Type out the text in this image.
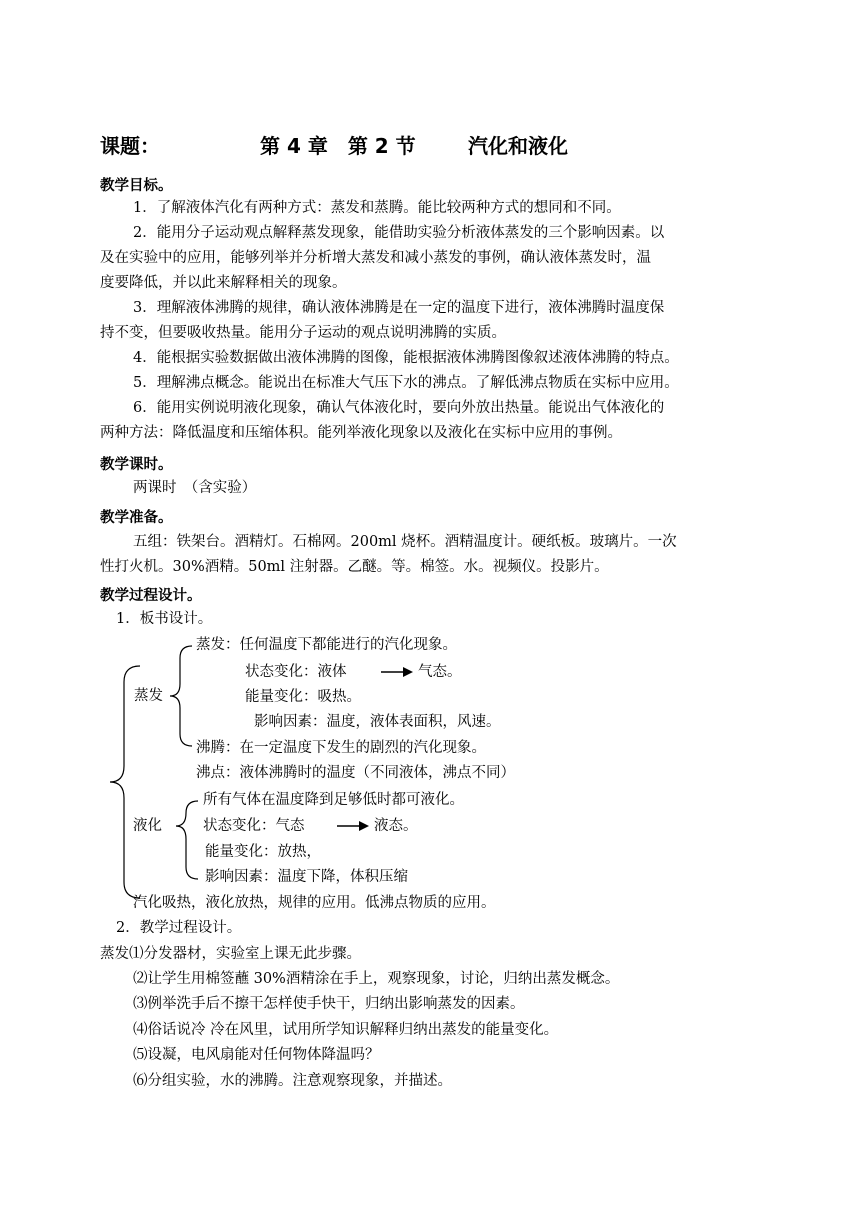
课题：	第 4 章　第 2 节	汽化和液化
教学目标。
1．了解液体汽化有两种方式：蒸发和蒸腾。能比较两种方式的想同和不同。
2．能用分子运动观点解释蒸发现象，能借助实验分析液体蒸发的三个影响因素。以
及在实验中的应用，能够列举并分析增大蒸发和减小蒸发的事例，确认液体蒸发时，温
度要降低，并以此来解释相关的现象。
3．理解液体沸腾的规律，确认液体沸腾是在一定的温度下进行，液体沸腾时温度保
持不变，但要吸收热量。能用分子运动的观点说明沸腾的实质。
4．能根据实验数据做出液体沸腾的图像，能根据液体沸腾图像叙述液体沸腾的特点。
5．理解沸点概念。能说出在标准大气压下水的沸点。了解低沸点物质在实标中应用。
6．能用实例说明液化现象，确认气体液化时，要向外放出热量。能说出气体液化的
两种方法：降低温度和压缩体积。能列举液化现象以及液化在实标中应用的事例。
教学课时。
两课时　（含实验）
教学准备。
五组：铁架台。酒精灯。石棉网。200ml 烧杯。酒精温度计。硬纸板。玻璃片。一次
性打火机。30%酒精。50ml 注射器。乙醚。等。棉签。水。视频仪。投影片。
教学过程设计。
1．板书设计。
蒸发：任何温度下都能进行的汽化现象。
状态变化：液体	气态。
蒸发	能量变化：吸热。
影响因素：温度，液体表面积，风速。
沸腾：在一定温度下发生的剧烈的汽化现象。
沸点：液体沸腾时的温度（不同液体，沸点不同）
所有气体在温度降到足够低时都可液化。
液化	状态变化：气态	液态。
能量变化：放热，
影响因素：温度下降，体积压缩
汽化吸热，液化放热，规律的应用。低沸点物质的应用。
2．教学过程设计。
蒸发⑴分发器材，实验室上课无此步骤。
⑵让学生用棉签蘸 30%酒精涂在手上，观察现象，讨论，归纳出蒸发概念。
⑶例举洗手后不擦干怎样使手快干，归纳出影响蒸发的因素。
⑷俗话说冷 冷在风里，试用所学知识解释归纳出蒸发的能量变化。
⑸设凝，电风扇能对任何物体降温吗？
⑹分组实验，水的沸腾。注意观察现象，并描述。
